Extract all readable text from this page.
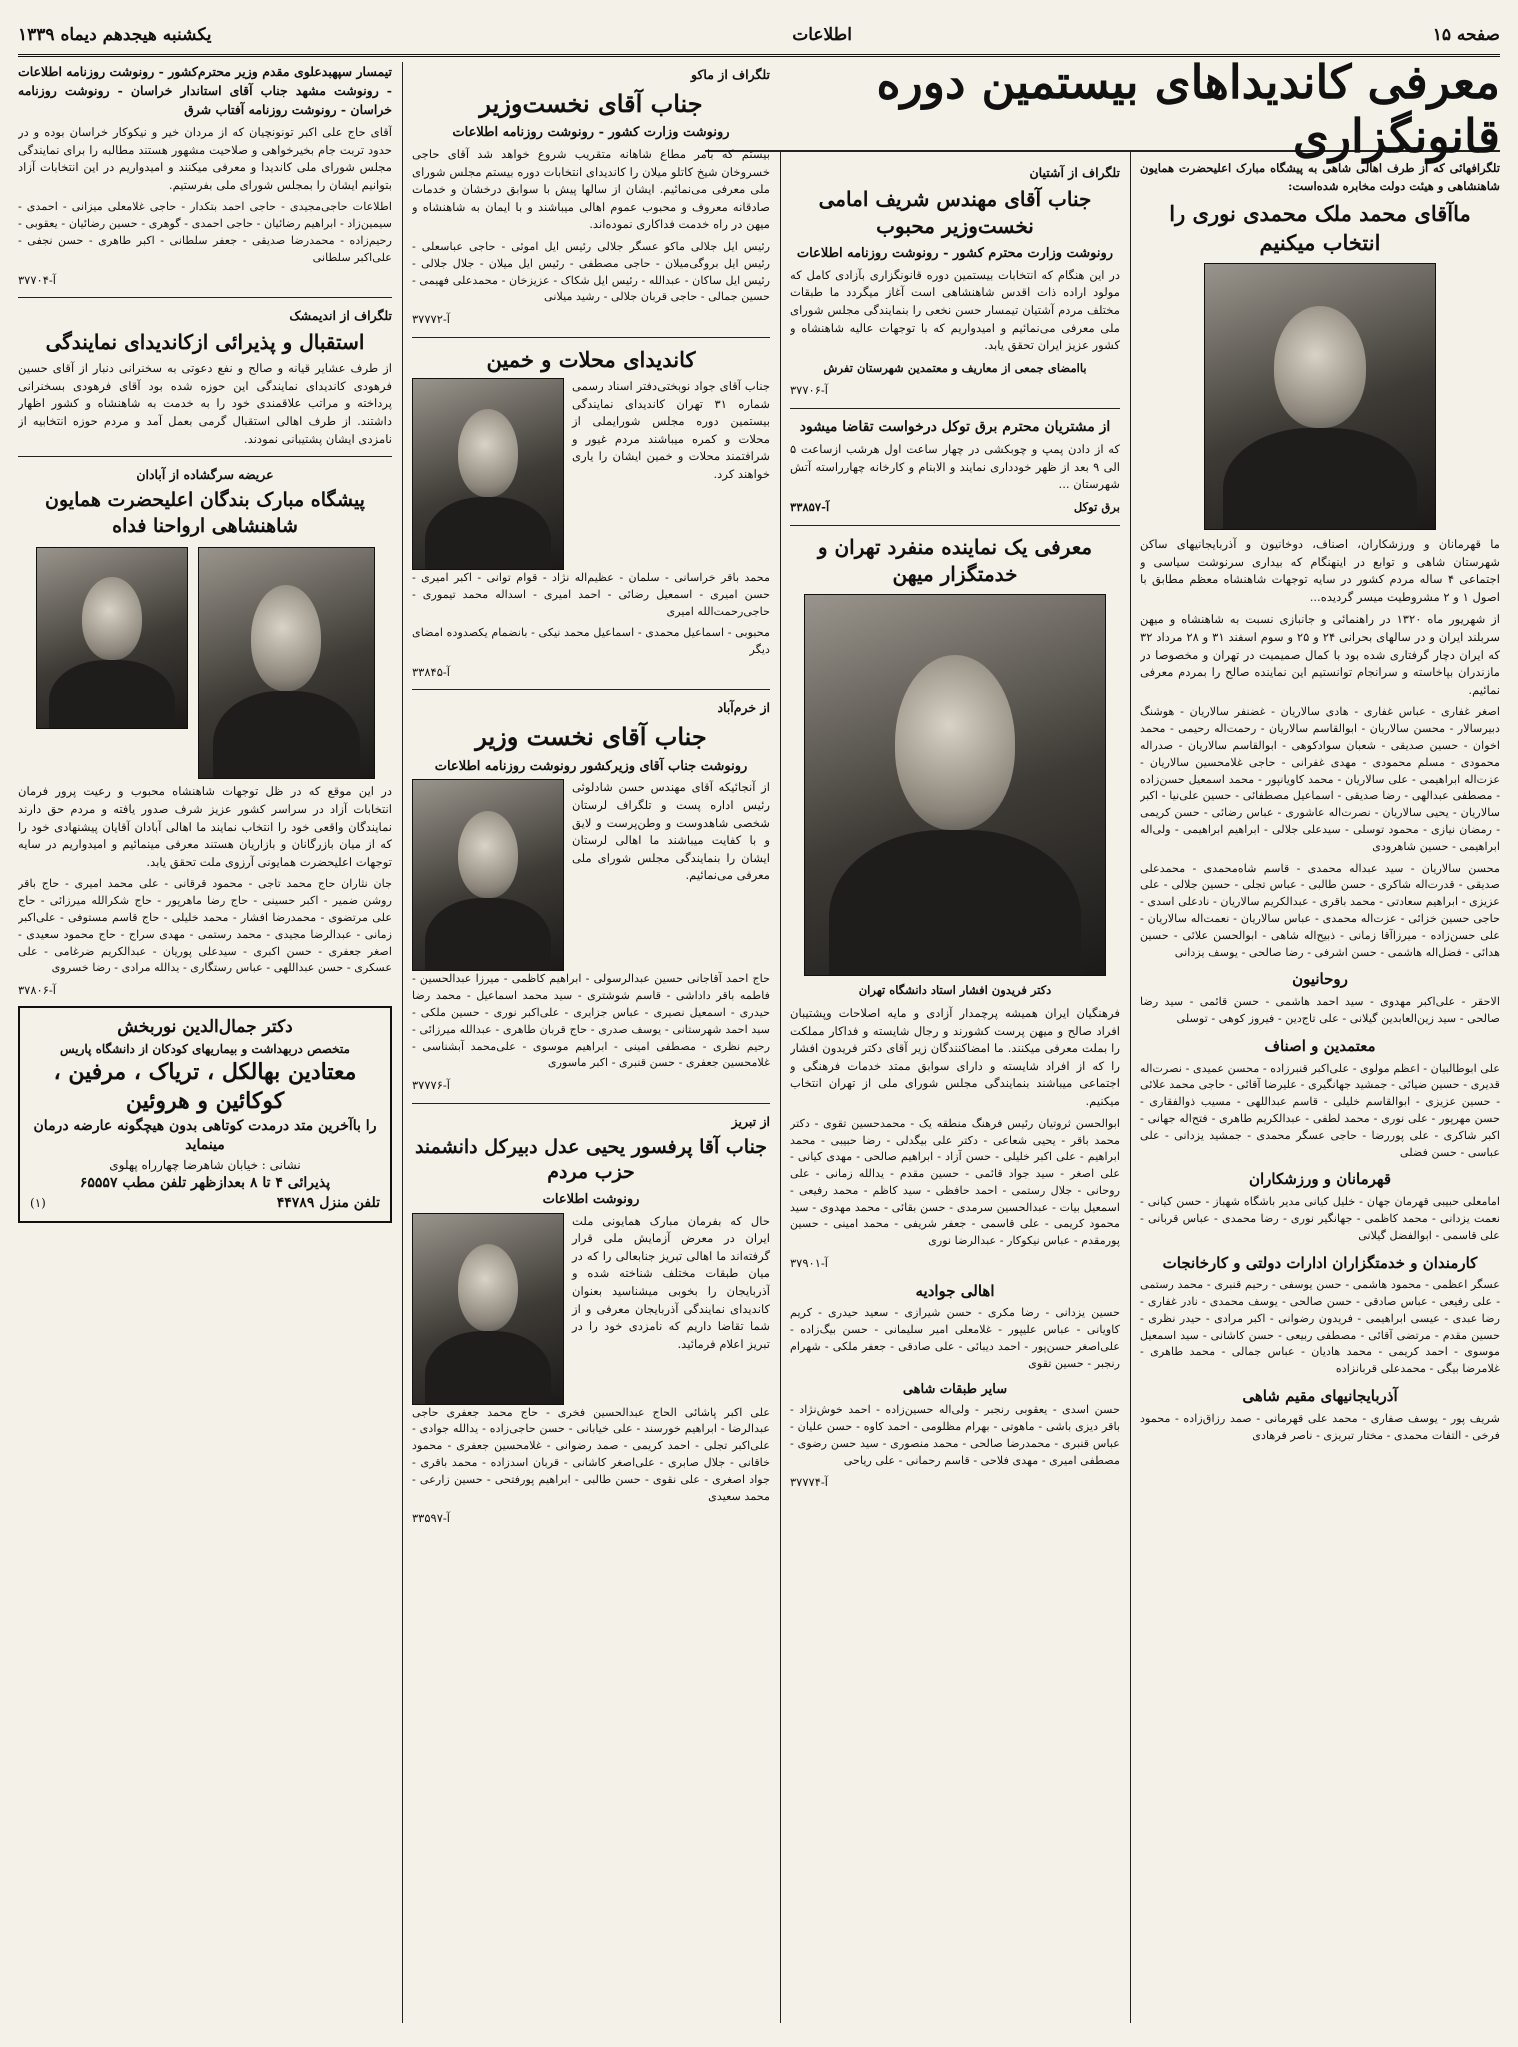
صفحه ۱۵
اطلاعات
یکشنبه هیجدهم دیماه ۱۳۳۹
معرفی کاندیداهای بیستمین دوره قانونگزاری

تلگرافهائی که از طرف اهالی شاهی به پیشگاه مبارک اعلیحضرت همایون شاهنشاهی و هیئت دولت مخابره شده‌است:

ماآقای محمد ملک محمدی نوری را انتخاب میکنیم

ما قهرمانان و ورزشکاران، اصناف، دوخانیون و آذربایجانیهای ساکن شهرستان شاهی و توابع در اینهنگام که بیداری سرنوشت سیاسی و اجتماعی ۴ ساله مردم کشور در سایه توجهات شاهنشاه معظم مطابق با اصول ۱ و ۲ مشروطیت میسر گردیده...

از شهریور ماه ۱۳۲۰ در راهنمائی و جانبازی نسبت به شاهنشاه و میهن سربلند ایران و در سالهای بحرانی ۲۴ و ۲۵ و سوم اسفند ۳۱ و ۲۸ مرداد ۳۲ که ایران دچار گرفتاری شده بود با کمال صمیمیت در تهران و مخصوصا در مازندران بپاخاسته و سرانجام توانستیم این نماینده صالح را بمردم معرفی نمائیم.

اصغر غفاری - عباس غفاری - هادی سالاریان - غضنفر سالاریان - هوشنگ دبیرسالار - محسن سالاریان - ابوالقاسم سالاریان - رحمت‌اله رحیمی - محمد اخوان - حسین صدیقی - شعبان سوادکوهی - ابوالقاسم سالاریان - صدراله محمودی - مسلم محمودی - مهدی غفرانی - حاجی غلامحسین سالاریان - عزت‌اله ابراهیمی - علی سالاریان - محمد کاویانپور - محمد اسمعیل حسن‌زاده - مصطفی عبدالهی - رضا صدیقی - اسماعیل مصطفائی - حسین علی‌نیا - اکبر سالاریان - یحیی سالاریان - نصرت‌اله عاشوری - عباس رضائی - حسن کریمی - رمضان نیازی - محمود توسلی - سیدعلی جلالی - ابراهیم ابراهیمی - ولی‌اله ابراهیمی - حسین شاهرودی

محسن سالاریان - سید عبداله محمدی - قاسم شاه‌محمدی - محمدعلی صدیقی - قدرت‌اله شاکری - حسن طالبی - عباس تجلی - حسین جلالی - علی عزیزی - ابراهیم سعادتی - محمد باقری - عبدالکریم سالاریان - نادعلی اسدی - حاجی حسین خزائی - عزت‌اله محمدی - عباس سالاریان - نعمت‌اله سالاریان - علی حسن‌زاده - میرزاآقا زمانی - ذبیح‌اله شاهی - ابوالحسن علائی - حسین هدائی - فضل‌اله هاشمی - حسن اشرفی - رضا صالحی - یوسف یزدانی

روحانیون

الاحقر - علی‌اکبر مهدوی - سید احمد هاشمی - حسن قائمی - سید رضا صالحی - سید زین‌العابدین گیلانی - علی تاج‌دین - فیروز کوهی - توسلی

معتمدین و اصناف

علی ابوطالبیان - اعظم مولوی - علی‌اکبر قنبرزاده - محسن عمیدی - نصرت‌اله قدیری - حسین ضیائی - جمشید جهانگیری - علیرضا آقائی - حاجی محمد علائی - حسین عزیزی - ابوالقاسم خلیلی - قاسم عبداللهی - مسیب ذوالفقاری - حسن مهرپور - علی نوری - محمد لطفی - عبدالکریم طاهری - فتح‌اله جهانی - اکبر شاکری - علی پوررضا - حاجی عسگر محمدی - جمشید یزدانی - علی عباسی - حسن فضلی

قهرمانان و ورزشکاران

امامعلی حبیبی قهرمان جهان - خلیل کیانی مدیر باشگاه شهباز - حسن کیانی - نعمت یزدانی - محمد کاظمی - جهانگیر نوری - رضا محمدی - عباس قربانی - علی قاسمی - ابوالفضل گیلانی

کارمندان و خدمتگزاران ادارات دولتی و کارخانجات

عسگر اعظمی - محمود هاشمی - حسن یوسفی - رحیم قنبری - محمد رستمی - علی رفیعی - عباس صادقی - حسن صالحی - یوسف محمدی - نادر غفاری - رضا عبدی - عیسی ابراهیمی - فریدون رضوانی - اکبر مرادی - حیدر نظری - حسین مقدم - مرتضی آقائی - مصطفی ربیعی - حسن کاشانی - سید اسمعیل موسوی - احمد کریمی - محمد هادیان - عباس جمالی - محمد طاهری - غلامرضا بیگی - محمدعلی قربانزاده

آذربایجانیهای مقیم شاهی

شریف پور - یوسف صفاری - محمد علی قهرمانی - صمد رزاق‌زاده - محمود فرخی - التفات محمدی - مختار تبریزی - ناصر فرهادی

تلگراف از آشتیان
جناب آقای مهندس شریف امامی نخست‌وزیر محبوب
رونوشت وزارت محترم کشور - رونوشت روزنامه اطلاعات

در این هنگام که انتخابات بیستمین دوره قانونگزاری بآزادی کامل که مولود اراده ذات اقدس شاهنشاهی است آغاز میگردد ما طبقات مختلف مردم آشتیان تیمسار حسن نخعی را بنمایندگی مجلس شورای ملی معرفی می‌نمائیم و امیدواریم که با توجهات عالیه شاهنشاه و کشور عزیز ایران تحقق یابد.

باامضای جمعی از معاریف و معتمدین شهرستان تفرش

آ-۳۷۷۰۶
از مشتریان محترم برق توکل درخواست تقاضا میشود

که از دادن پمپ و چوبکشی در چهار ساعت اول هرشب ازساعت ۵ الی ۹ بعد از ظهر خودداری نمایند و الابنام و کارخانه چهارراسته آتش شهرستان ...

برق توکل
آ-۳۳۸۵۷
معرفی یک نماینده منفرد تهران و خدمتگزار میهن
دکتر فریدون افشار استاد دانشگاه تهران

فرهنگیان ایران همیشه پرچمدار آزادی و مایه اصلاحات وپشتیبان افراد صالح و میهن پرست کشورند و رجال شایسته و فداکار مملکت را بملت معرفی میکنند. ما امضاکنندگان زیر آقای دکتر فریدون افشار را که از افراد شایسته و دارای سوابق ممتد خدمات فرهنگی و اجتماعی میباشند بنمایندگی مجلس شورای ملی از تهران انتخاب میکنیم.

ابوالحسن ثروتیان رئیس فرهنگ منطقه یک - محمدحسین تقوی - دکتر محمد باقر - یحیی شعاعی - دکتر علی بیگدلی - رضا حبیبی - محمد ابراهیم - علی اکبر خلیلی - حسن آزاد - ابراهیم صالحی - مهدی کیانی - علی اصغر - سید جواد قائمی - حسین مقدم - یدالله زمانی - علی روحانی - جلال رستمی - احمد حافظی - سید کاظم - محمد رفیعی - اسمعیل بیات - عبدالحسین سرمدی - حسن بقائی - محمد مهدوی - سید محمود کریمی - علی قاسمی - جعفر شریفی - محمد امینی - حسین پورمقدم - عباس نیکوکار - عبدالرضا نوری

آ-۳۷۹۰۱
اهالی جوادیه

حسین یزدانی - رضا مکری - حسن شیرازی - سعید حیدری - کریم کاویانی - عباس علیپور - غلامعلی امیر سلیمانی - حسن بیگ‌زاده - علی‌اصغر حسن‌پور - احمد دیبائی - علی صادقی - جعفر ملکی - شهرام رنجبر - حسین تقوی

سایر طبقات شاهی

حسن اسدی - یعقوبی رنجبر - ولی‌اله حسین‌زاده - احمد خوش‌نژاد - باقر دیزی باشی - ماهوتی - بهرام مظلومی - احمد کاوه - حسن علیان - عباس قنبری - محمدرضا صالحی - محمد منصوری - سید حسن رضوی - مصطفی امیری - مهدی فلاحی - قاسم رحمانی - علی ریاحی

آ-۳۷۷۷۴
تلگراف از ماکو
جناب آقای نخست‌وزیر
رونوشت وزارت کشور - رونوشت روزنامه اطلاعات

بیستم که بامر مطاع شاهانه متقریب شروع خواهد شد آقای حاجی خسروخان شیخ کاتلو میلان را کاندیدای انتخابات دوره بیستم مجلس شورای ملی معرفی می‌نمائیم. ایشان از سالها پیش با سوابق درخشان و خدمات صادقانه معروف و محبوب عموم اهالی میباشند و با ایمان به شاهنشاه و میهن در راه خدمت فداکاری نموده‌اند.

رئیس ایل جلالی ماکو عسگر جلالی رئیس ایل اموئی - حاجی عباسعلی - رئیس ایل بروگی‌میلان - حاجی مصطفی - رئیس ایل میلان - جلال جلالی - رئیس ایل ساکان - عبدالله - رئیس ایل شکاک - عزیزخان - محمدعلی فهیمی - حسین جمالی - حاجی قربان جلالی - رشید میلانی

آ-۳۷۷۷۲
کاندیدای محلات و خمین

جناب آقای جواد نوبختی‌دفتر اسناد رسمی شماره ۳۱ تهران کاندیدای نمایندگی بیستمین دوره مجلس شورایملی از محلات و کمره میباشند مردم غیور و شرافتمند محلات و خمین ایشان را یاری خواهند کرد.

محمد باقر خراسانی - سلمان - عظیم‌اله نژاد - قوام توانی - اکبر امیری - حسن امیری - اسمعیل رضائی - احمد امیری - اسداله محمد تیموری - حاجی‌رحمت‌الله امیری

محبوبی - اسماعیل محمدی - اسماعیل محمد نیکی - بانضمام یکصدوده امضای دیگر

آ-۳۳۸۴۵
از خرم‌آباد
جناب آقای نخست وزیر
رونوشت جناب آقای وزیرکشور رونوشت روزنامه اطلاعات

از آنجائیکه آقای مهندس حسن شادلوئی رئیس اداره پست و تلگراف لرستان شخصی شاهدوست و وطن‌پرست و لایق و با کفایت میباشند ما اهالی لرستان ایشان را بنمایندگی مجلس شورای ملی معرفی می‌نمائیم.

حاج احمد آقاجانی حسین عبدالرسولی - ابراهیم کاظمی - میرزا عبدالحسین - فاطمه باقر داداشی - قاسم شوشتری - سید محمد اسماعیل - محمد رضا حیدری - اسمعیل نصیری - عباس جزایری - علی‌اکبر نوری - حسین ملکی - سید احمد شهرستانی - یوسف صدری - حاج قربان طاهری - عبدالله میرزائی - رحیم نظری - مصطفی امینی - ابراهیم موسوی - علی‌محمد آبشناسی - غلامحسین جعفری - حسن قنبری - اکبر ماسوری

آ-۳۷۷۷۶
از تبریز
جناب آقا پرفسور یحیی عدل دبیرکل دانشمند حزب مردم
رونوشت اطلاعات

حال که بفرمان مبارک همایونی ملت ایران در معرض آزمایش ملی قرار گرفته‌اند ما اهالی تبریز جنابعالی را که در میان طبقات مختلف شناخته شده و آذربایجان را بخوبی میشناسید بعنوان کاندیدای نمایندگی آذربایجان معرفی و از شما تقاضا داریم که نامزدی خود را در تبریز اعلام فرمائید.

علی اکبر پاشائی الحاج عبدالحسین فخری - حاج محمد جعفری حاجی عبدالرضا - ابراهیم خورسند - علی خیابانی - حسن حاجی‌زاده - یدالله جوادی - علی‌اکبر تجلی - احمد کریمی - صمد رضوانی - غلامحسین جعفری - محمود خاقانی - جلال صابری - علی‌اصغر کاشانی - قربان اسدزاده - محمد باقری - جواد اصغری - علی نقوی - حسن طالبی - ابراهیم پورفتحی - حسین زارعی - محمد سعیدی

آ-۳۳۵۹۷

تیمسار سپهبدعلوی مقدم وزیر محترم‌کشور - رونوشت روزنامه اطلاعات - رونوشت مشهد جناب آقای استاندار خراسان - رونوشت روزنامه خراسان - رونوشت روزنامه آفتاب شرق

آقای حاج علی اکبر تونونچیان که از مردان خیر و نیکوکار خراسان بوده و در حدود تربت جام بخیرخواهی و صلاحیت مشهور هستند مطالبه را برای نمایندگی مجلس شورای ملی کاندیدا و معرفی میکنند و امیدواریم در این انتخابات آزاد بتوانیم ایشان را بمجلس شورای ملی بفرستیم.

اطلاعات حاجی‌مجیدی - حاجی احمد بتکدار - حاجی غلامعلی میزانی - احمدی - سیمین‌زاد - ابراهیم رضائیان - حاجی احمدی - گوهری - حسین رضائیان - یعقوبی - رحیم‌زاده - محمدرضا صدیقی - جعفر سلطانی - اکبر طاهری - حسن نجفی - علی‌اکبر سلطانی

آ-۳۷۷۰۴
تلگراف از اندیمشک
استقبال و پذیرائی ازکاندیدای نمایندگی

از طرف عشایر قیانه و صالح و نفع دعوتی به سخنرانی دنبار از آقای حسین فرهودی کاندیدای نمایندگی این حوزه شده بود آقای فرهودی بسخنرانی پرداخته و مراتب علاقمندی خود را به خدمت به شاهنشاه و کشور اظهار داشتند. از طرف اهالی استقبال گرمی بعمل آمد و مردم حوزه انتخابیه از نامزدی ایشان پشتیبانی نمودند.

عریضه سرگشاده از آبادان
پیشگاه مبارک بندگان اعلیحضرت همایون شاهنشاهی ارواحنا فداه

در این موقع که در ظل توجهات شاهنشاه محبوب و رعیت پرور فرمان انتخابات آزاد در سراسر کشور عزیز شرف صدور یافته و مردم حق دارند نمایندگان واقعی خود را انتخاب نمایند ما اهالی آبادان آقایان پیشنهادی خود را که از میان بازرگانان و بازاریان هستند معرفی مینمائیم و امیدواریم در سایه توجهات اعلیحضرت همایونی آرزوی ملت تحقق یابد.

جان نثاران حاج محمد تاجی - محمود قرقانی - علی محمد امیری - حاج باقر روشن ضمیر - اکبر حسینی - حاج رضا ماهرپور - حاج شکرالله میرزائی - حاج علی مرتضوی - محمدرضا افشار - محمد خلیلی - حاج قاسم مستوفی - علی‌اکبر زمانی - عبدالرضا مجیدی - محمد رستمی - مهدی سراج - حاج محمود سعیدی - اصغر جعفری - حسن اکبری - سیدعلی پوریان - عبدالکریم ضرغامی - علی عسکری - حسن عبداللهی - عباس رستگاری - یدالله مرادی - رضا خسروی

آ-۳۷۸۰۶
دکتر جمال‌الدین نوربخش
متخصص دربهداشت و بیماریهای کودکان از دانشگاه پاریس
معتادین بهالکل ، تریاک ، مرفین ،
کوکائین و هروئین
را باآخرین متد درمدت کوتاهی بدون هیچگونه عارضه درمان مینماید
نشانی : خیابان شاهرضا چهارراه پهلوی
پذیرائی ۴ تا ۸ بعدازظهر تلفن مطب ۶۵۵۵۷
تلفن منزل ۴۴۷۸۹
(۱)
